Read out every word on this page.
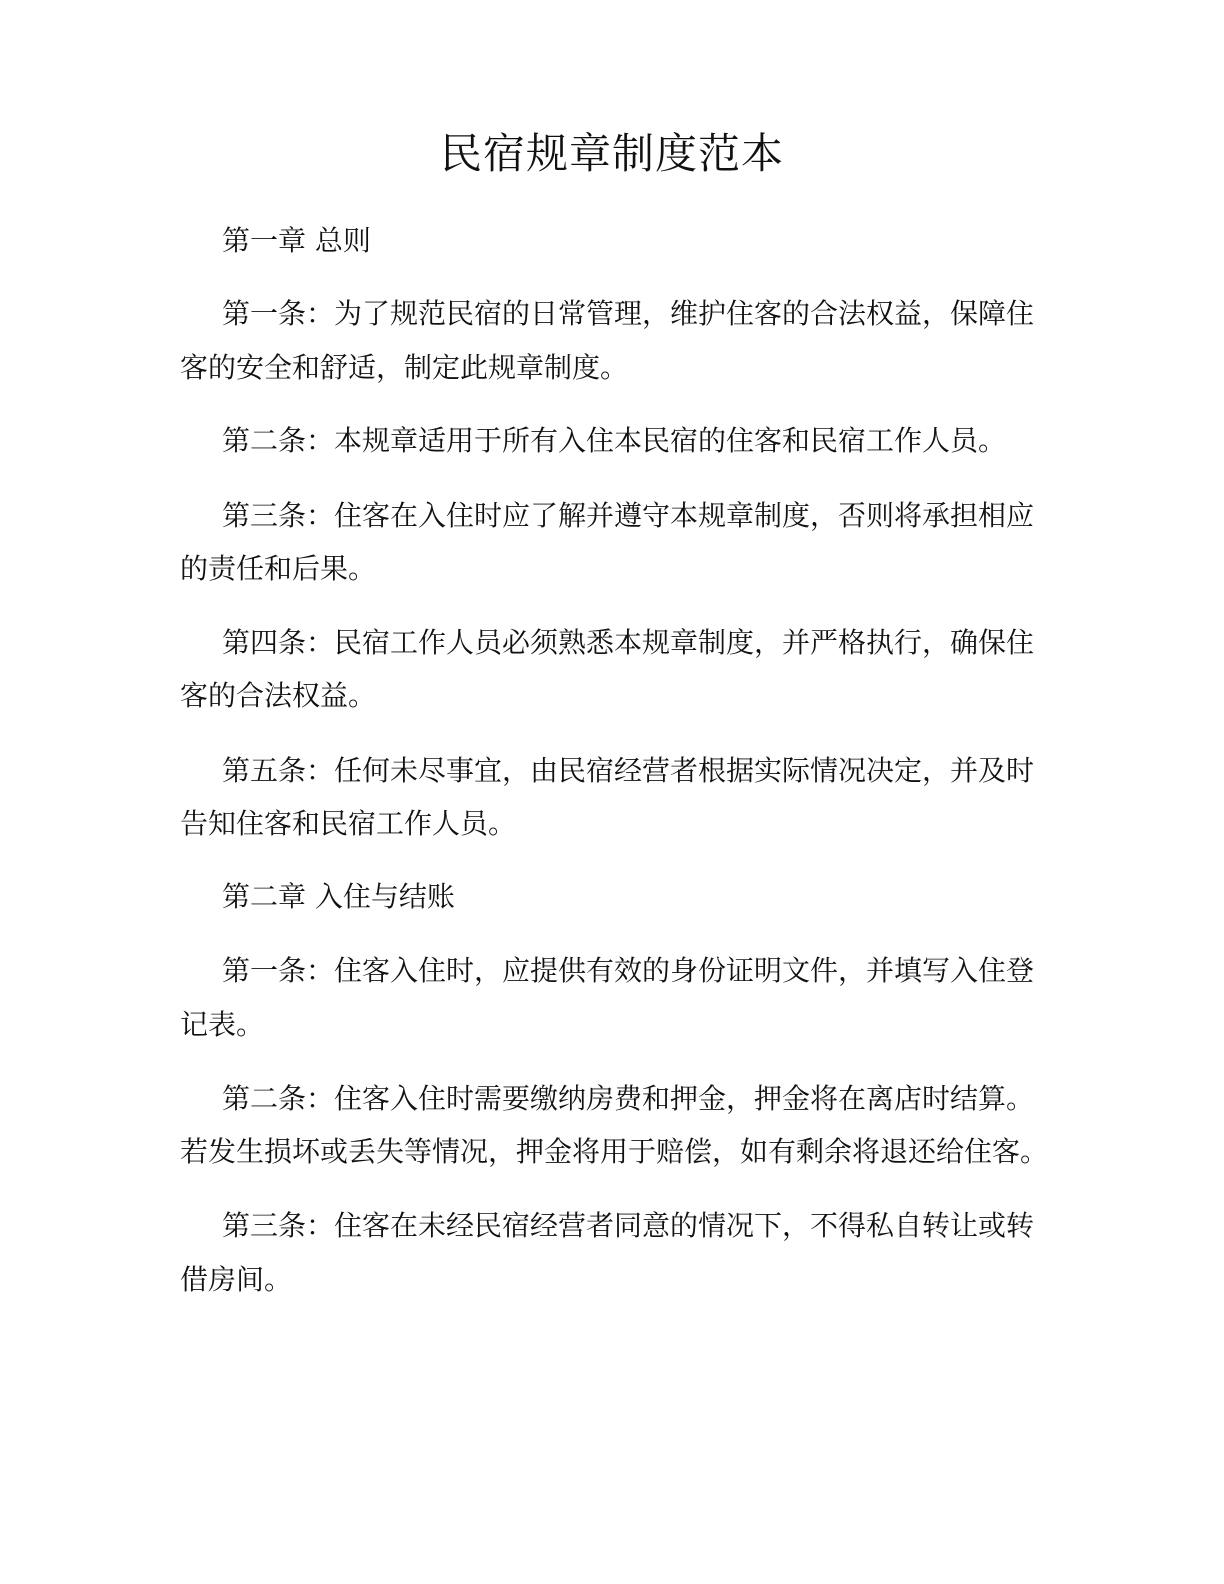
民宿规章制度范本

第一章 总则

第一条：为了规范民宿的日常管理，维护住客的合法权益，保障住

客的安全和舒适，制定此规章制度。

第二条：本规章适用于所有入住本民宿的住客和民宿工作人员。

第三条：住客在入住时应了解并遵守本规章制度，否则将承担相应

的责任和后果。

第四条：民宿工作人员必须熟悉本规章制度，并严格执行，确保住

客的合法权益。

第五条：任何未尽事宜，由民宿经营者根据实际情况决定，并及时

告知住客和民宿工作人员。

第二章 入住与结账

第一条：住客入住时，应提供有效的身份证明文件，并填写入住登

记表。

第二条：住客入住时需要缴纳房费和押金，押金将在离店时结算。

若发生损坏或丢失等情况，押金将用于赔偿，如有剩余将退还给住客。

第三条：住客在未经民宿经营者同意的情况下，不得私自转让或转

借房间。
